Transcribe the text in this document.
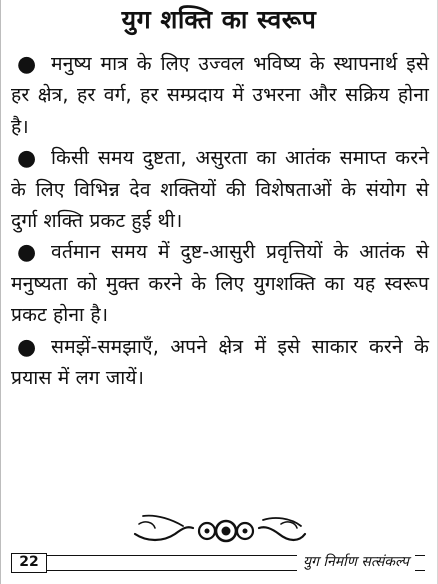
युग शक्ति का स्वरूप

● मनुष्य मात्र के लिए उज्वल भविष्य के स्थापनार्थ इसे हर क्षेत्र, हर वर्ग, हर सम्प्रदाय में उभरना और सक्रिय होना है।

● किसी समय दुष्टता, असुरता का आतंक समाप्त करने के लिए विभिन्न देव शक्तियों की विशेषताओं के संयोग से दुर्गा शक्ति प्रकट हुई थी।

● वर्तमान समय में दुष्ट-आसुरी प्रवृत्तियों के आतंक से मनुष्यता को मुक्त करने के लिए युगशक्ति का यह स्वरूप प्रकट होना है।

● समझें-समझाएँ, अपने क्षेत्र में इसे साकार करने के प्रयास में लग जायें।

22	युग निर्माण सत्संकल्प
